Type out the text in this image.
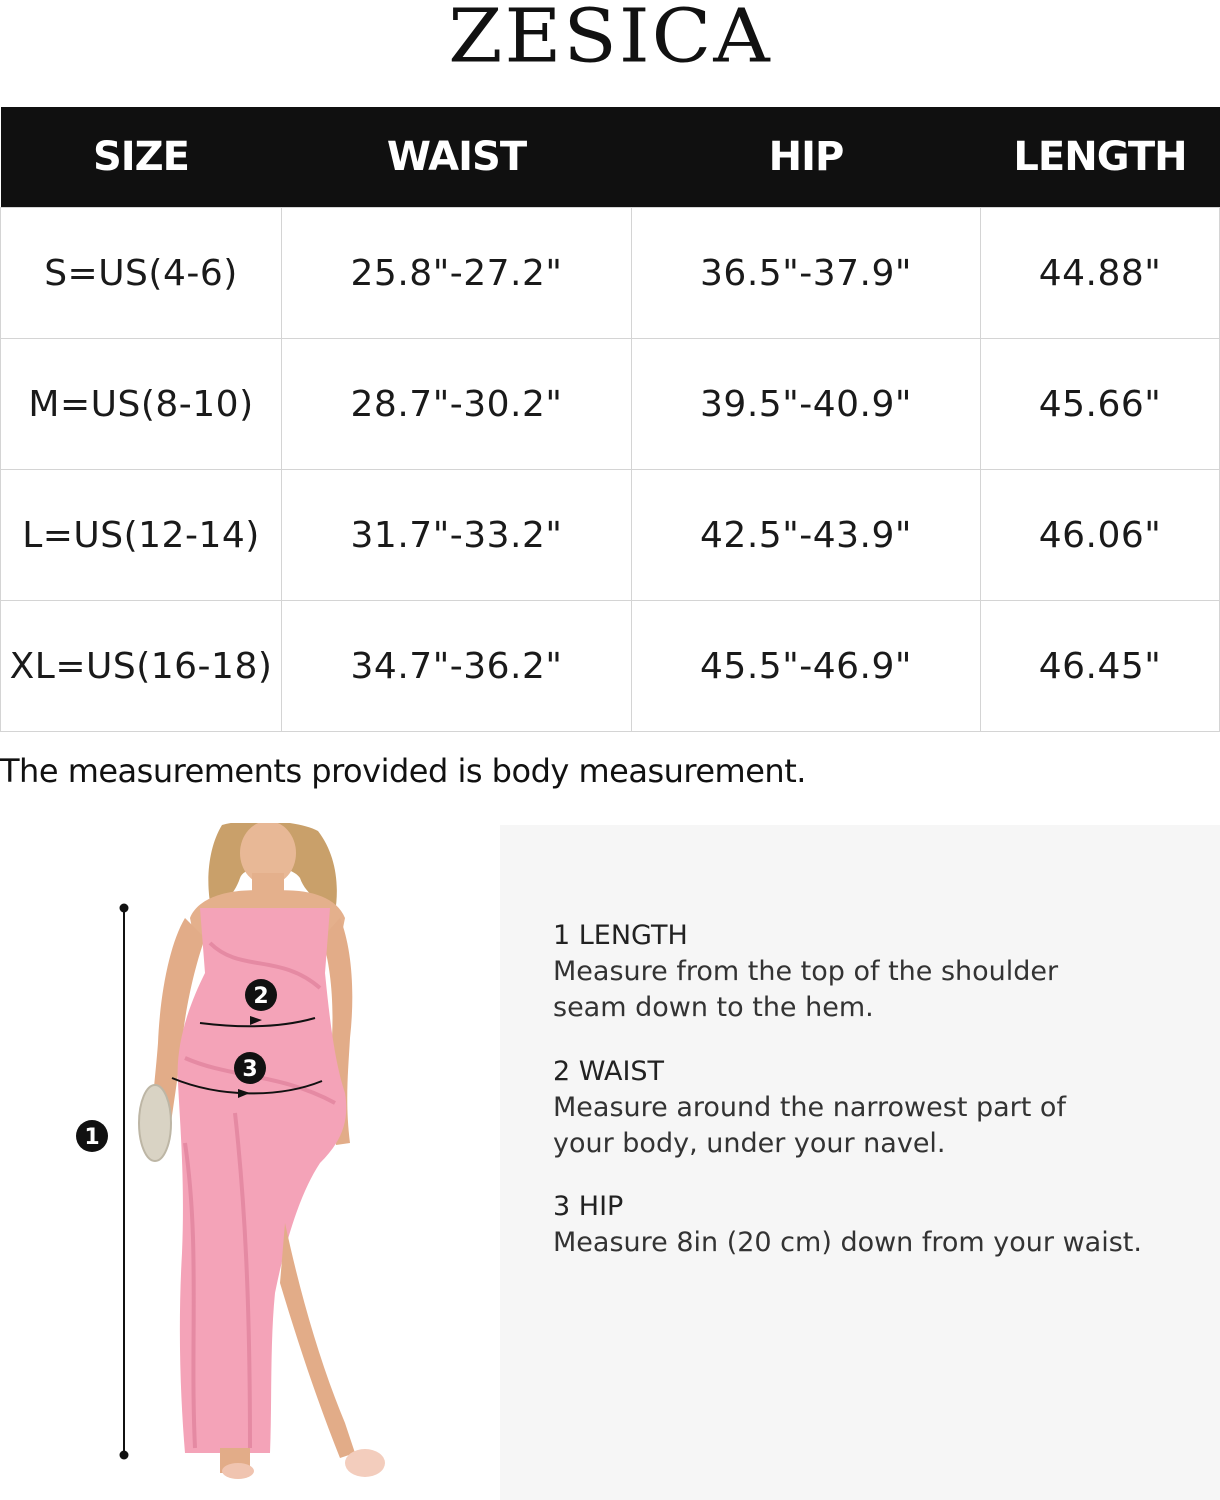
ZESICA
SIZE	WAIST	HIP	LENGTH
S=US(4-6)	25.8"-27.2"	36.5"-37.9"	44.88"
M=US(8-10)	28.7"-30.2"	39.5"-40.9"	45.66"
L=US(12-14)	31.7"-33.2"	42.5"-43.9"	46.06"
XL=US(16-18)	34.7"-36.2"	45.5"-46.9"	46.45"
The measurements provided is body measurement.
1
2
3
1 LENGTH
Measure from the top of the shoulder
seam down to the hem.
2 WAIST
Measure around the narrowest part of
your body, under your navel.
3 HIP
Measure 8in (20 cm) down from your waist.
